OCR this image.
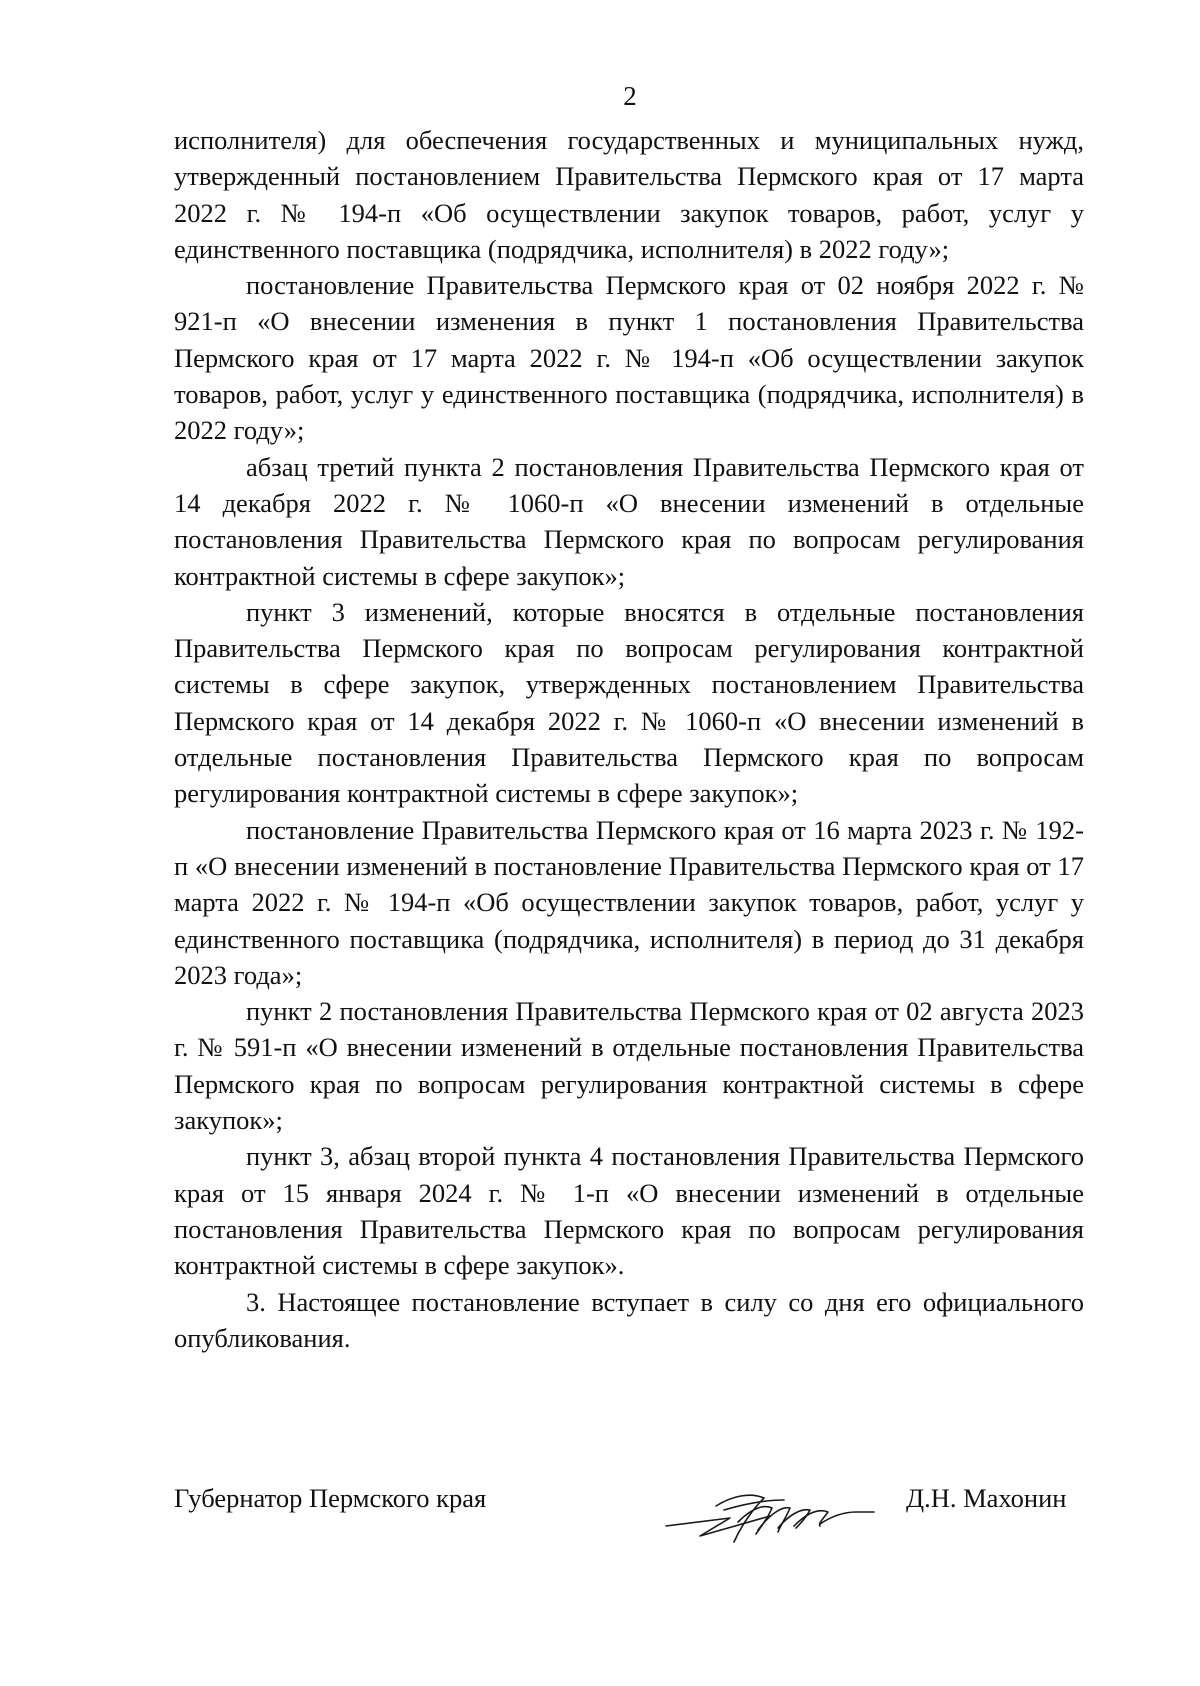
2

исполнителя) для обеспечения государственных и муниципальных нужд, утвержденный постановлением Правительства Пермского края от 17 марта 2022 г. № 194-п «Об осуществлении закупок товаров, работ, услуг у единственного поставщика (подрядчика, исполнителя) в 2022 году»;

постановление Правительства Пермского края от 02 ноября 2022 г. № 921-п «О внесении изменения в пункт 1 постановления Правительства Пермского края от 17 марта 2022 г. № 194-п «Об осуществлении закупок товаров, работ, услуг у единственного поставщика (подрядчика, исполнителя) в 2022 году»;

абзац третий пункта 2 постановления Правительства Пермского края от 14 декабря 2022 г. № 1060-п «О внесении изменений в отдельные постановления Правительства Пермского края по вопросам регулирования контрактной системы в сфере закупок»;

пункт 3 изменений, которые вносятся в отдельные постановления Правительства Пермского края по вопросам регулирования контрактной системы в сфере закупок, утвержденных постановлением Правительства Пермского края от 14 декабря 2022 г. № 1060-п «О внесении изменений в отдельные постановления Правительства Пермского края по вопросам регулирования контрактной системы в сфере закупок»;

постановление Правительства Пермского края от 16 марта 2023 г. № 192-п «О внесении изменений в постановление Правительства Пермского края от 17 марта 2022 г. № 194-п «Об осуществлении закупок товаров, работ, услуг у единственного поставщика (подрядчика, исполнителя) в период до 31 декабря 2023 года»;

пункт 2 постановления Правительства Пермского края от 02 августа 2023 г. № 591-п «О внесении изменений в отдельные постановления Правительства Пермского края по вопросам регулирования контрактной системы в сфере закупок»;

пункт 3, абзац второй пункта 4 постановления Правительства Пермского края от 15 января 2024 г. № 1-п «О внесении изменений в отдельные постановления Правительства Пермского края по вопросам регулирования контрактной системы в сфере закупок».

3. Настоящее постановление вступает в силу со дня его официального опубликования.

Губернатор Пермского края	Д.Н. Махонин
